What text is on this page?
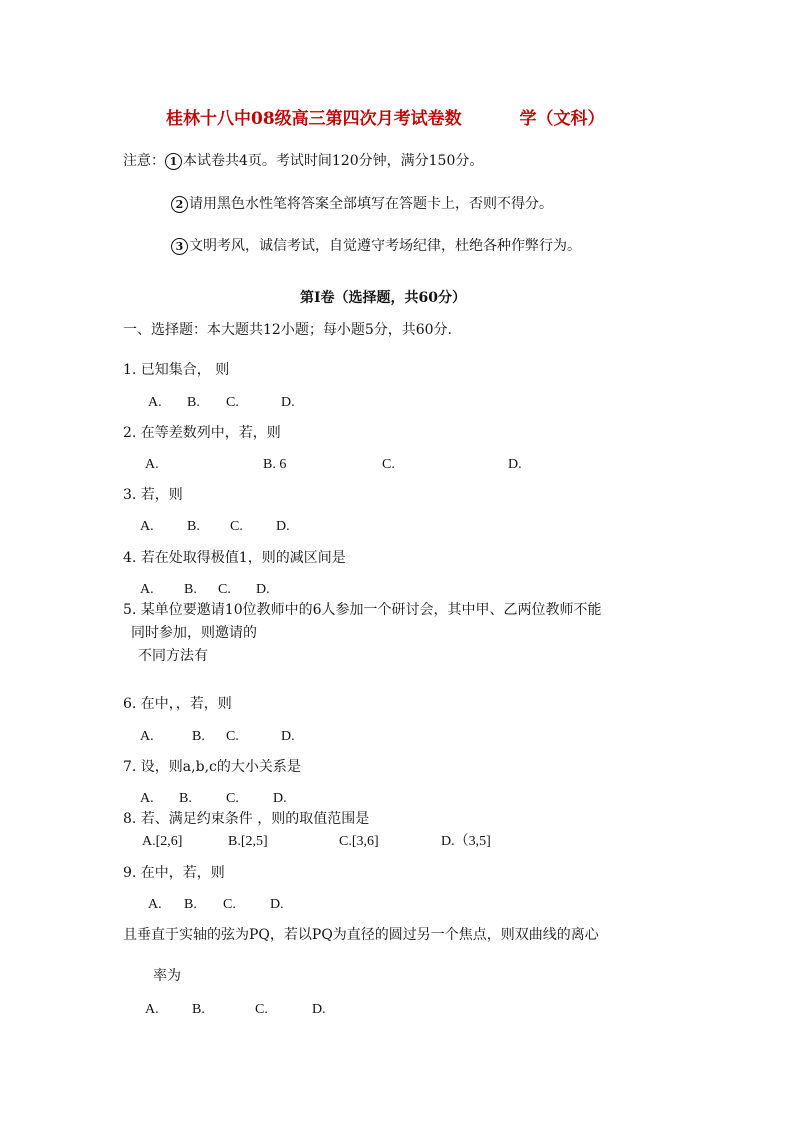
桂林十八中08级高三第四次月考试卷数	学（文科）
注意： 1 本试卷共4页。考试时间120分钟，满分150分。
2 请用黑色水性笔将答案全部填写在答题卡上，否则不得分。
3 文明考风，诚信考试，自觉遵守考场纪律，杜绝各种作弊行为。
第I卷（选择题，共60分）
一、选择题：本大题共12小题；每小题5分，共60分.
1. 已知集合， 则
A. B. C.	D.
2. 在等差数列中，若，则
A.	B. 6	C.	D.
3. 若，则
A. B. C. D.
4. 若在处取得极值1，则的减区间是
A. B. C. D.
5. 某单位要邀请10位教师中的6人参加一个研讨会，其中甲、乙两位教师不能
同时参加，则邀请的
不同方法有
6. 在中，，若，则
A.	B. C.	D.
7. 设，则a,b,c的大小关系是
A. B. C. D.
8. 若、满足约束条件 ，则的取值范围是
A.[2,6]	B.[2,5]	C.[3,6]	D.（3,5]
9. 在中，若，则
A. B. C. D.
且垂直于实轴的弦为PQ，若以PQ为直径的圆过另一个焦点，则双曲线的离心
率为
A. B.	C.	D.
